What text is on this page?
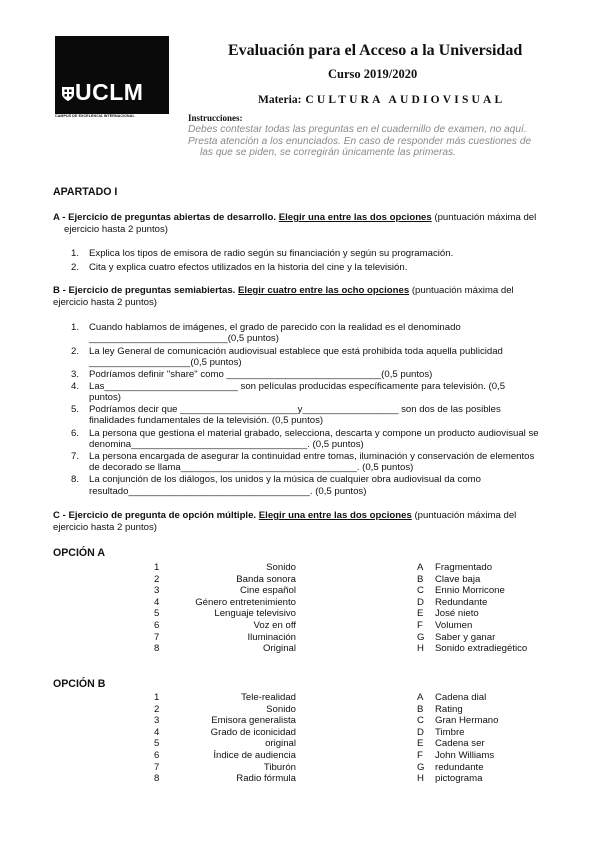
UCLM
CAMPUS DE EXCELENCIA INTERNACIONAL
Evaluación para el Acceso a la Universidad
Curso 2019/2020
Materia: CULTURA AUDIOVISUAL
Instrucciones:
Debes contestar todas las preguntas en el cuadernillo de examen, no aquí.
Presta atención a los enunciados. En caso de responder más cuestiones de
las que se piden, se corregirán únicamente las primeras.
APARTADO I
A - Ejercicio de preguntas abiertas de desarrollo. Elegir una entre las dos opciones (puntuación máxima del
ejercicio hasta 2 puntos)
1. Explica los tipos de emisora de radio según su financiación y según su programación.
2. Cita y explica cuatro efectos utilizados en la historia del cine y la televisión.
B - Ejercicio de preguntas semiabiertas. Elegir cuatro entre las ocho opciones (puntuación máxima del
ejercicio hasta 2 puntos)
1. Cuando hablamos de imágenes, el grado de parecido con la realidad es el denominado
__________________________(0,5 puntos)
2. La ley General de comunicación audiovisual establece que está prohibida toda aquella publicidad
___________________(0,5 puntos)
3. Podríamos definir "share" como _____________________________(0,5 puntos)
4. Las_________________________ son películas producidas específicamente para televisión. (0,5
puntos)
5. Podríamos decir que ______________________y__________________ son dos de las posibles
finalidades fundamentales de la televisión. (0,5 puntos)
6. La persona que gestiona el material grabado, selecciona, descarta y compone un producto audiovisual se
denomina_________________________________. (0,5 puntos)
7. La persona encargada de asegurar la continuidad entre tomas, iluminación y conservación de elementos
de decorado se llama_________________________________. (0,5 puntos)
8. La conjunción de los diálogos, los unidos y la música de cualquier obra audiovisual da como
resultado__________________________________. (0,5 puntos)
C - Ejercicio de pregunta de opción múltiple. Elegir una entre las dos opciones (puntuación máxima del
ejercicio hasta 2 puntos)
OPCIÓN A
1	Sonido	A Fragmentado
2	Banda sonora	B Clave baja
3	Cine español	C Ennio Morricone
4	Género entretenimiento	D Redundante
5	Lenguaje televisivo	E José nieto
6	Voz en off	F Volumen
7	Iluminación	G Saber y ganar
8	Original	H Sonido extradiegético
OPCIÓN B
1	Tele-realidad	A Cadena dial
2	Sonido	B Rating
3	Emisora generalista	C Gran Hermano
4	Grado de iconicidad	D Timbre
5	original	E Cadena ser
6	Índice de audiencia	F John Williams
7	Tiburón	G redundante
8	Radio fórmula	H pictograma
